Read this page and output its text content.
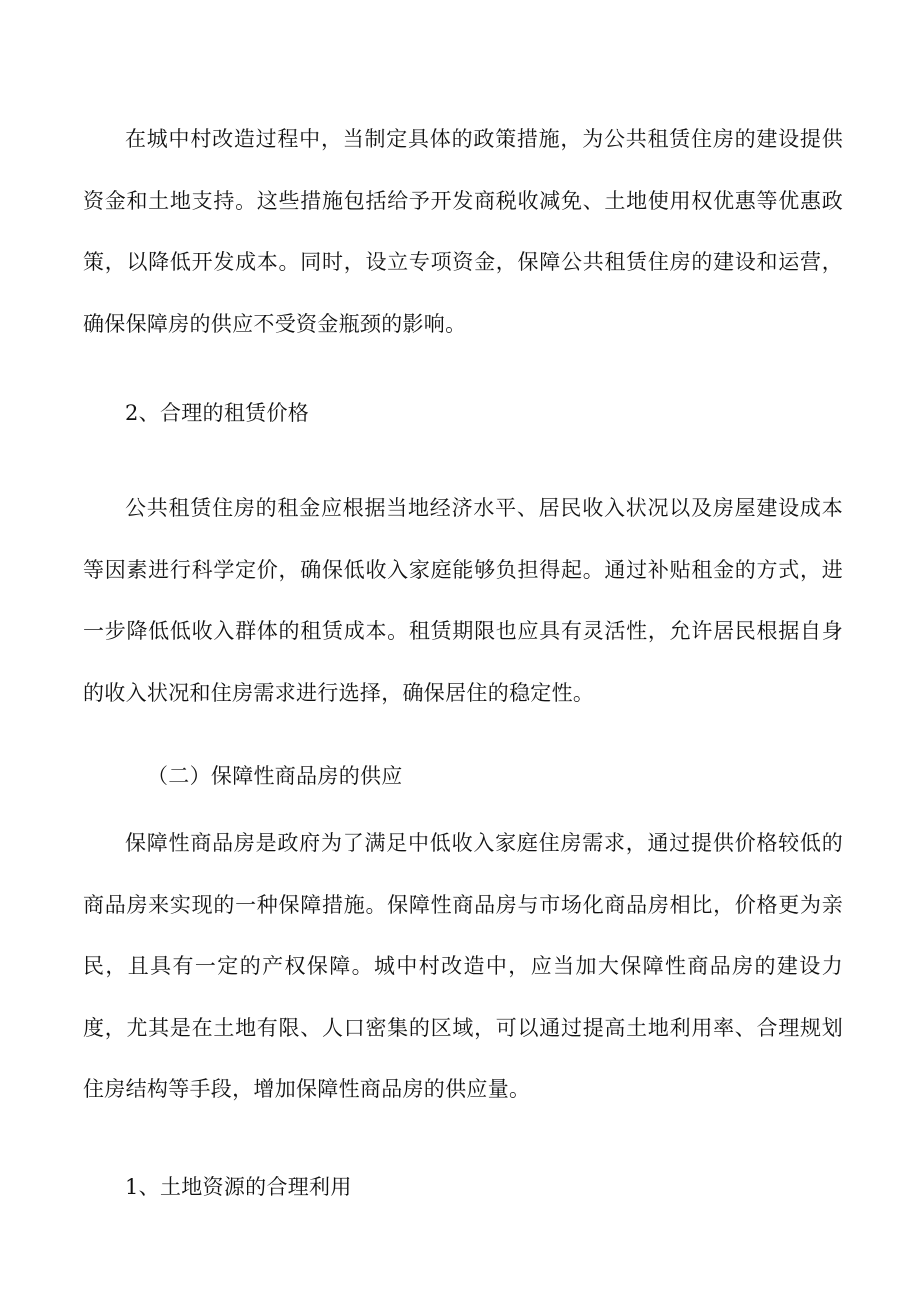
在城中村改造过程中，当制定具体的政策措施，为公共租赁住房的建设提供资金和土地支持。这些措施包括给予开发商税收减免、土地使用权优惠等优惠政策，以降低开发成本。同时，设立专项资金，保障公共租赁住房的建设和运营，确保保障房的供应不受资金瓶颈的影响。

2、合理的租赁价格

公共租赁住房的租金应根据当地经济水平、居民收入状况以及房屋建设成本等因素进行科学定价，确保低收入家庭能够负担得起。通过补贴租金的方式，进一步降低低收入群体的租赁成本。租赁期限也应具有灵活性，允许居民根据自身的收入状况和住房需求进行选择，确保居住的稳定性。

（二）保障性商品房的供应

保障性商品房是政府为了满足中低收入家庭住房需求，通过提供价格较低的商品房来实现的一种保障措施。保障性商品房与市场化商品房相比，价格更为亲民，且具有一定的产权保障。城中村改造中，应当加大保障性商品房的建设力度，尤其是在土地有限、人口密集的区域，可以通过提高土地利用率、合理规划住房结构等手段，增加保障性商品房的供应量。

1、土地资源的合理利用
